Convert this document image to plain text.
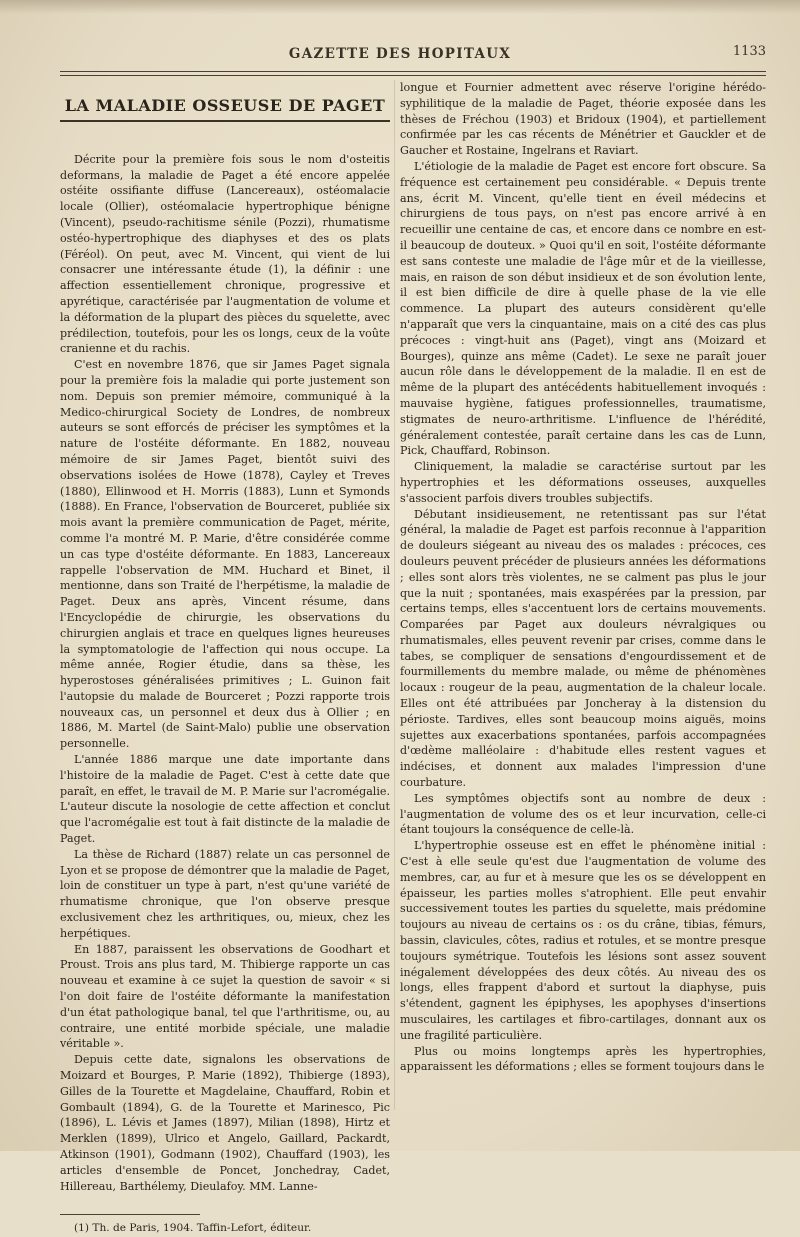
GAZETTE DES HOPITAUX	1133
LA MALADIE OSSEUSE DE PAGET

Décrite pour la première fois sous le nom d'osteitis deformans, la maladie de Paget a été encore appelée ostéite ossifiante diffuse (Lancereaux), ostéomalacie locale (Ollier), ostéomalacie hypertrophique bénigne (Vincent), pseudo-rachitisme sénile (Pozzi), rhumatisme ostéo-hypertrophique des diaphyses et des os plats (Féréol). On peut, avec M. Vincent, qui vient de lui consacrer une intéressante étude (1), la définir : une affection essentiellement chronique, progressive et apyrétique, caractérisée par l'augmentation de volume et la déformation de la plupart des pièces du squelette, avec prédilection, toutefois, pour les os longs, ceux de la voûte cranienne et du rachis.

C'est en novembre 1876, que sir James Paget signala pour la première fois la maladie qui porte justement son nom. Depuis son premier mémoire, communiqué à la Medico-chirurgical Society de Londres, de nombreux auteurs se sont efforcés de préciser les symptômes et la nature de l'ostéite déformante. En 1882, nouveau mémoire de sir James Paget, bientôt suivi des observations isolées de Howe (1878), Cayley et Treves (1880), Ellinwood et H. Morris (1883), Lunn et Symonds (1888). En France, l'observation de Bourceret, publiée six mois avant la première communication de Paget, mérite, comme l'a montré M. P. Marie, d'être considérée comme un cas type d'ostéite déformante. En 1883, Lancereaux rappelle l'observation de MM. Huchard et Binet, il mentionne, dans son Traité de l'herpétisme, la maladie de Paget. Deux ans après, Vincent résume, dans l'Encyclopédie de chirurgie, les observations du chirurgien anglais et trace en quelques lignes heureuses la symptomatologie de l'affection qui nous occupe. La même année, Rogier étudie, dans sa thèse, les hyperostoses généralisées primitives ; L. Guinon fait l'autopsie du malade de Bourceret ; Pozzi rapporte trois nouveaux cas, un personnel et deux dus à Ollier ; en 1886, M. Martel (de Saint-Malo) publie une observation personnelle.

L'année 1886 marque une date importante dans l'histoire de la maladie de Paget. C'est à cette date que paraît, en effet, le travail de M. P. Marie sur l'acromégalie. L'auteur discute la nosologie de cette affection et conclut que l'acromégalie est tout à fait distincte de la maladie de Paget.

La thèse de Richard (1887) relate un cas personnel de Lyon et se propose de démontrer que la maladie de Paget, loin de constituer un type à part, n'est qu'une variété de rhumatisme chronique, que l'on observe presque exclusivement chez les arthritiques, ou, mieux, chez les herpétiques.

En 1887, paraissent les observations de Goodhart et Proust. Trois ans plus tard, M. Thibierge rapporte un cas nouveau et examine à ce sujet la question de savoir « si l'on doit faire de l'ostéite déformante la manifestation d'un état pathologique banal, tel que l'arthritisme, ou, au contraire, une entité morbide spéciale, une maladie véritable ».

Depuis cette date, signalons les observations de Moizard et Bourges, P. Marie (1892), Thibierge (1893), Gilles de la Tourette et Magdelaine, Chauffard, Robin et Gombault (1894), G. de la Tourette et Marinesco, Pic (1896), L. Lévis et James (1897), Milian (1898), Hirtz et Merklen (1899), Ulrico et Angelo, Gaillard, Packardt, Atkinson (1901), Godmann (1902), Chauffard (1903), les articles d'ensemble de Poncet, Jonchedray, Cadet, Hillereau, Barthélemy, Dieulafoy. MM. Lanne-

(1) Th. de Paris, 1904. Taffin-Lefort, éditeur.

longue et Fournier admettent avec réserve l'origine hérédo-syphilitique de la maladie de Paget, théorie exposée dans les thèses de Fréchou (1903) et Bridoux (1904), et partiellement confirmée par les cas récents de Ménétrier et Gauckler et de Gaucher et Rostaine, Ingelrans et Raviart.

L'étiologie de la maladie de Paget est encore fort obscure. Sa fréquence est certainement peu considérable. « Depuis trente ans, écrit M. Vincent, qu'elle tient en éveil médecins et chirurgiens de tous pays, on n'est pas encore arrivé à en recueillir une centaine de cas, et encore dans ce nombre en est-il beaucoup de douteux. » Quoi qu'il en soit, l'ostéite déformante est sans conteste une maladie de l'âge mûr et de la vieillesse, mais, en raison de son début insidieux et de son évolution lente, il est bien difficile de dire à quelle phase de la vie elle commence. La plupart des auteurs considèrent qu'elle n'apparaît que vers la cinquantaine, mais on a cité des cas plus précoces : vingt-huit ans (Paget), vingt ans (Moizard et Bourges), quinze ans même (Cadet). Le sexe ne paraît jouer aucun rôle dans le développement de la maladie. Il en est de même de la plupart des antécédents habituellement invoqués : mauvaise hygiène, fatigues professionnelles, traumatisme, stigmates de neuro-arthritisme. L'influence de l'hérédité, généralement contestée, paraît certaine dans les cas de Lunn, Pick, Chauffard, Robinson.

Cliniquement, la maladie se caractérise surtout par les hypertrophies et les déformations osseuses, auxquelles s'associent parfois divers troubles subjectifs.

Débutant insidieusement, ne retentissant pas sur l'état général, la maladie de Paget est parfois reconnue à l'apparition de douleurs siégeant au niveau des os malades : précoces, ces douleurs peuvent précéder de plusieurs années les déformations ; elles sont alors très violentes, ne se calment pas plus le jour que la nuit ; spontanées, mais exaspérées par la pression, par certains temps, elles s'accentuent lors de certains mouvements. Comparées par Paget aux douleurs névralgiques ou rhumatismales, elles peuvent revenir par crises, comme dans le tabes, se compliquer de sensations d'engourdissement et de fourmillements du membre malade, ou même de phénomènes locaux : rougeur de la peau, augmentation de la chaleur locale. Elles ont été attribuées par Joncheray à la distension du périoste. Tardives, elles sont beaucoup moins aiguës, moins sujettes aux exacerbations spontanées, parfois accompagnées d'œdème malléolaire : d'habitude elles restent vagues et indécises, et donnent aux malades l'impression d'une courbature.

Les symptômes objectifs sont au nombre de deux : l'augmentation de volume des os et leur incurvation, celle-ci étant toujours la conséquence de celle-là.

L'hypertrophie osseuse est en effet le phénomène initial : C'est à elle seule qu'est due l'augmentation de volume des membres, car, au fur et à mesure que les os se développent en épaisseur, les parties molles s'atrophient. Elle peut envahir successivement toutes les parties du squelette, mais prédomine toujours au niveau de certains os : os du crâne, tibias, fémurs, bassin, clavicules, côtes, radius et rotules, et se montre presque toujours symétrique. Toutefois les lésions sont assez souvent inégalement développées des deux côtés. Au niveau des os longs, elles frappent d'abord et surtout la diaphyse, puis s'étendent, gagnent les épiphyses, les apophyses d'insertions musculaires, les cartilages et fibro-cartilages, donnant aux os une fragilité particulière.

Plus ou moins longtemps après les hypertrophies, apparaissent les déformations ; elles se forment toujours dans le
